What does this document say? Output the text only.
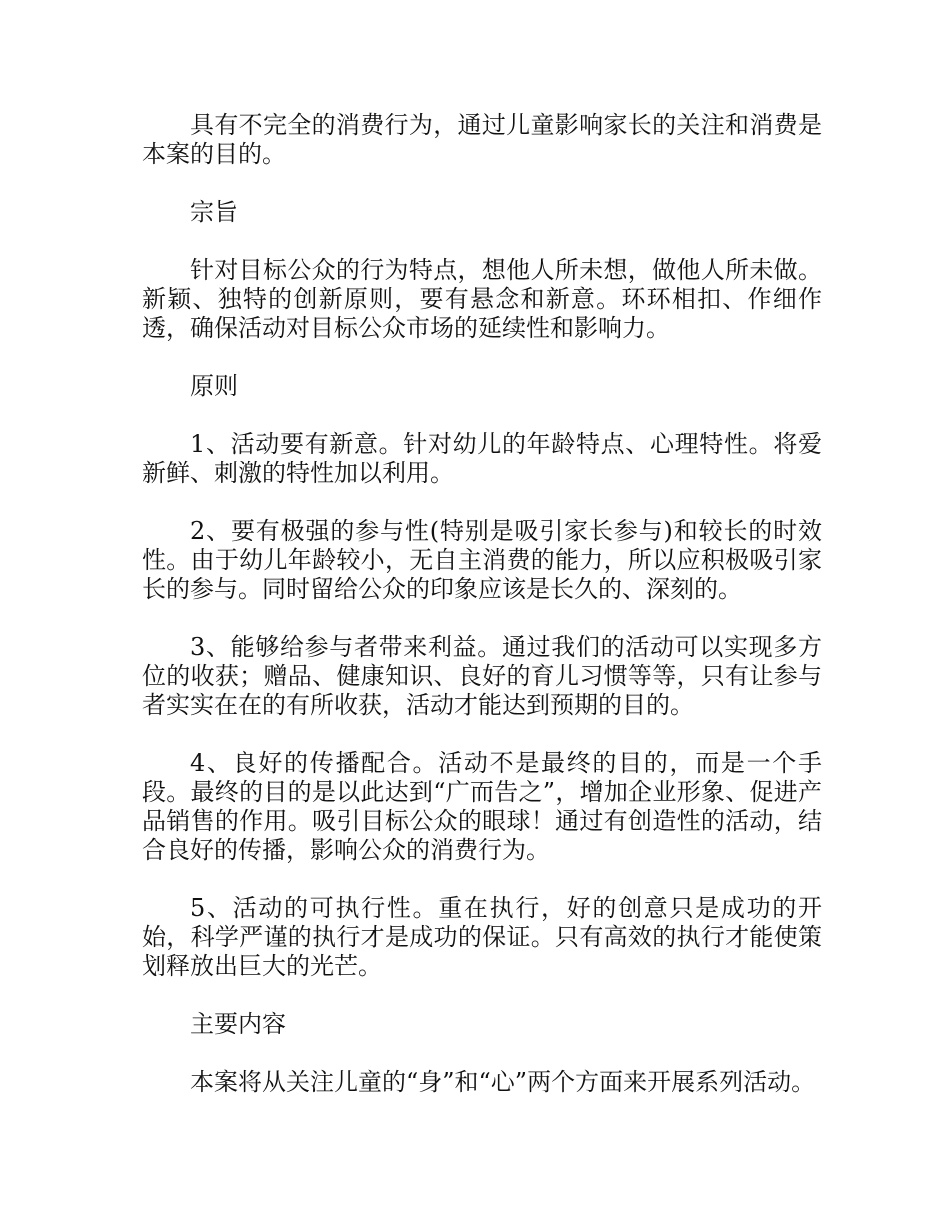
具有不完全的消费行为，通过儿童影响家长的关注和消费是本案的目的。

宗旨

针对目标公众的行为特点，想他人所未想，做他人所未做。新颖、独特的创新原则，要有悬念和新意。环环相扣、作细作透，确保活动对目标公众市场的延续性和影响力。

原则

1、活动要有新意。针对幼儿的年龄特点、心理特性。将爱新鲜、刺激的特性加以利用。

2、要有极强的参与性(特别是吸引家长参与)和较长的时效性。由于幼儿年龄较小，无自主消费的能力，所以应积极吸引家长的参与。同时留给公众的印象应该是长久的、深刻的。

3、能够给参与者带来利益。通过我们的活动可以实现多方位的收获；赠品、健康知识、良好的育儿习惯等等，只有让参与者实实在在的有所收获，活动才能达到预期的目的。

4、良好的传播配合。活动不是最终的目的，而是一个手段。最终的目的是以此达到“广而告之”，增加企业形象、促进产品销售的作用。吸引目标公众的眼球！通过有创造性的活动，结合良好的传播，影响公众的消费行为。

5、活动的可执行性。重在执行，好的创意只是成功的开始，科学严谨的执行才是成功的保证。只有高效的执行才能使策划释放出巨大的光芒。

主要内容

本案将从关注儿童的“身”和“心”两个方面来开展系列活动。
